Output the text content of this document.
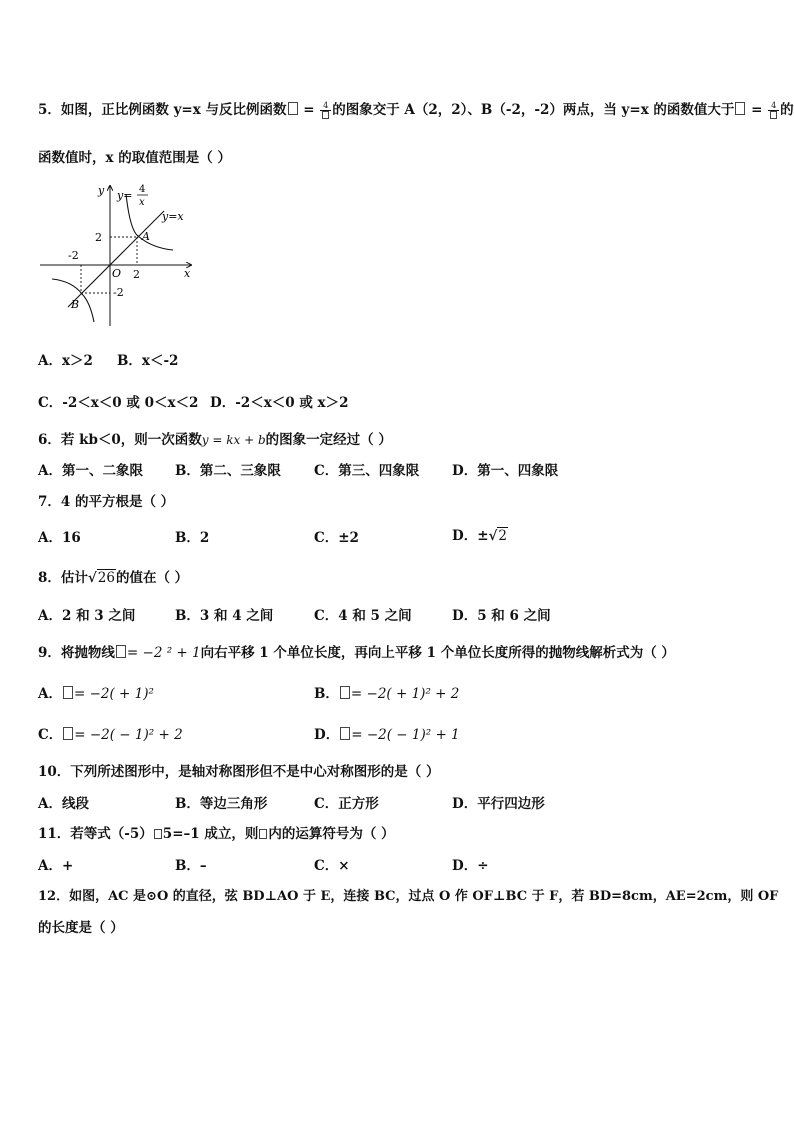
5．如图，正比例函数 y=x 与反比例函数 = 4 的图象交于 A（2，2）、B（-2，-2）两点，当 y=x 的函数值大于 = 4 的
函数值时，x 的取值范围是（ ）
y
x
y= 4
x
y=x
2
-2
O 2
-2
A
B
A．x＞2 B．x＜-2
C．-2＜x＜0 或 0＜x＜2 D．-2＜x＜0 或 x＞2
6．若 kb＜0，则一次函数y = kx + b的图象一定经过（ ）
A．第一、二象限 B．第二、三象限 C．第三、四象限 D．第一、四象限
7．4 的平方根是（ ）
A．16	B．2	C．±2	D．±√2
8．估计√26的值在（ ）
A．2 和 3 之间	B．3 和 4 之间	C．4 和 5 之间	D．5 和 6 之间
9．将抛物线 = −2 ² + 1向右平移 1 个单位长度，再向上平移 1 个单位长度所得的抛物线解析式为（ ）
A． = −2( + 1)²	B． = −2( + 1)² + 2
C． = −2( − 1)² + 2	D． = −2( − 1)² + 1
10．下列所述图形中，是轴对称图形但不是中心对称图形的是（ ）
A．线段	B．等边三角形	C．正方形	D．平行四边形
11．若等式（-5） 5=–1 成立，则 内的运算符号为（ ）
A．+	B．–	C．×	D．÷
12．如图，AC 是⊙O 的直径，弦 BD⊥AO 于 E，连接 BC，过点 O 作 OF⊥BC 于 F，若 BD=8cm，AE=2cm，则 OF
的长度是（ ）
